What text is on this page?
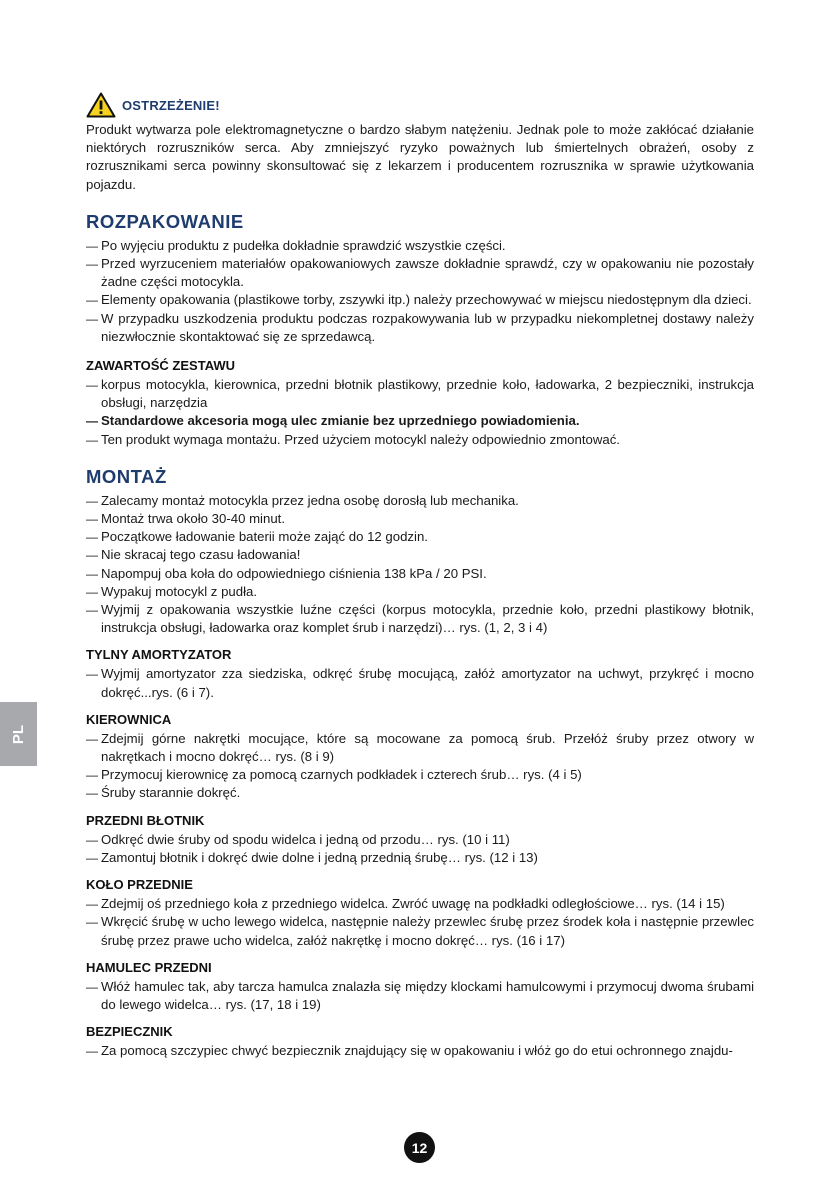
OSTRZEŻENIE!

Produkt wytwarza pole elektromagnetyczne o bardzo słabym natężeniu. Jednak pole to może zakłócać działanie niektórych rozruszników serca. Aby zmniejszyć ryzyko poważnych lub śmiertelnych obrażeń, osoby z rozrusznikami serca powinny skonsultować się z lekarzem i producentem rozrusznika w sprawie użytkowania pojazdu.

ROZPAKOWANIE
— Po wyjęciu produktu z pudełka dokładnie sprawdzić wszystkie części.
— Przed wyrzuceniem materiałów opakowaniowych zawsze dokładnie sprawdź, czy w opakowaniu nie pozostały żadne części motocykla.
— Elementy opakowania (plastikowe torby, zszywki itp.) należy przechowywać w miejscu niedostępnym dla dzieci.
— W przypadku uszkodzenia produktu podczas rozpakowywania lub w przypadku niekompletnej dostawy należy niezwłocznie skontaktować się ze sprzedawcą.
ZAWARTOŚĆ ZESTAWU
— korpus motocykla, kierownica, przedni błotnik plastikowy, przednie koło, ładowarka, 2 bezpieczniki, instrukcja obsługi, narzędzia
— Standardowe akcesoria mogą ulec zmianie bez uprzedniego powiadomienia.
— Ten produkt wymaga montażu. Przed użyciem motocykl należy odpowiednio zmontować.
MONTAŻ
— Zalecamy montaż motocykla przez jedna osobę dorosłą lub mechanika.
— Montaż trwa około 30-40 minut.
— Początkowe ładowanie baterii może zająć do 12 godzin.
— Nie skracaj tego czasu ładowania!
— Napompuj oba koła do odpowiedniego ciśnienia 138 kPa / 20 PSI.
— Wypakuj motocykl z pudła.
— Wyjmij z opakowania wszystkie luźne części (korpus motocykla, przednie koło, przedni plastikowy błotnik, instrukcja obsługi, ładowarka oraz komplet śrub i narzędzi)… rys. (1, 2, 3 i 4)
TYLNY AMORTYZATOR
— Wyjmij amortyzator zza siedziska, odkręć śrubę mocującą, załóż amortyzator na uchwyt, przykręć i mocno dokręć...rys. (6 i 7).
KIEROWNICA
— Zdejmij górne nakrętki mocujące, które są mocowane za pomocą śrub. Przełóż śruby przez otwory w nakrętkach i mocno dokręć… rys. (8 i 9)
— Przymocuj kierownicę za pomocą czarnych podkładek i czterech śrub… rys. (4 i 5)
— Śruby starannie dokręć.
PRZEDNI BŁOTNIK
— Odkręć dwie śruby od spodu widelca i jedną od przodu… rys. (10 i 11)
— Zamontuj błotnik i dokręć dwie dolne i jedną przednią śrubę… rys. (12 i 13)
KOŁO PRZEDNIE
— Zdejmij oś przedniego koła z przedniego widelca. Zwróć uwagę na podkładki odległościowe… rys. (14 i 15)
— Wkręcić śrubę w ucho lewego widelca, następnie należy przewlec śrubę przez środek koła i następnie przewlec śrubę przez prawe ucho widelca, załóż nakrętkę i mocno dokręć… rys. (16 i 17)
HAMULEC PRZEDNI
— Włóż hamulec tak, aby tarcza hamulca znalazła się między klockami hamulcowymi i przymocuj dwoma śrubami do lewego widelca… rys. (17, 18 i 19)
BEZPIECZNIK
— Za pomocą szczypiec chwyć bezpiecznik znajdujący się w opakowaniu i włóż go do etui ochronnego znajdu-
PL
12
